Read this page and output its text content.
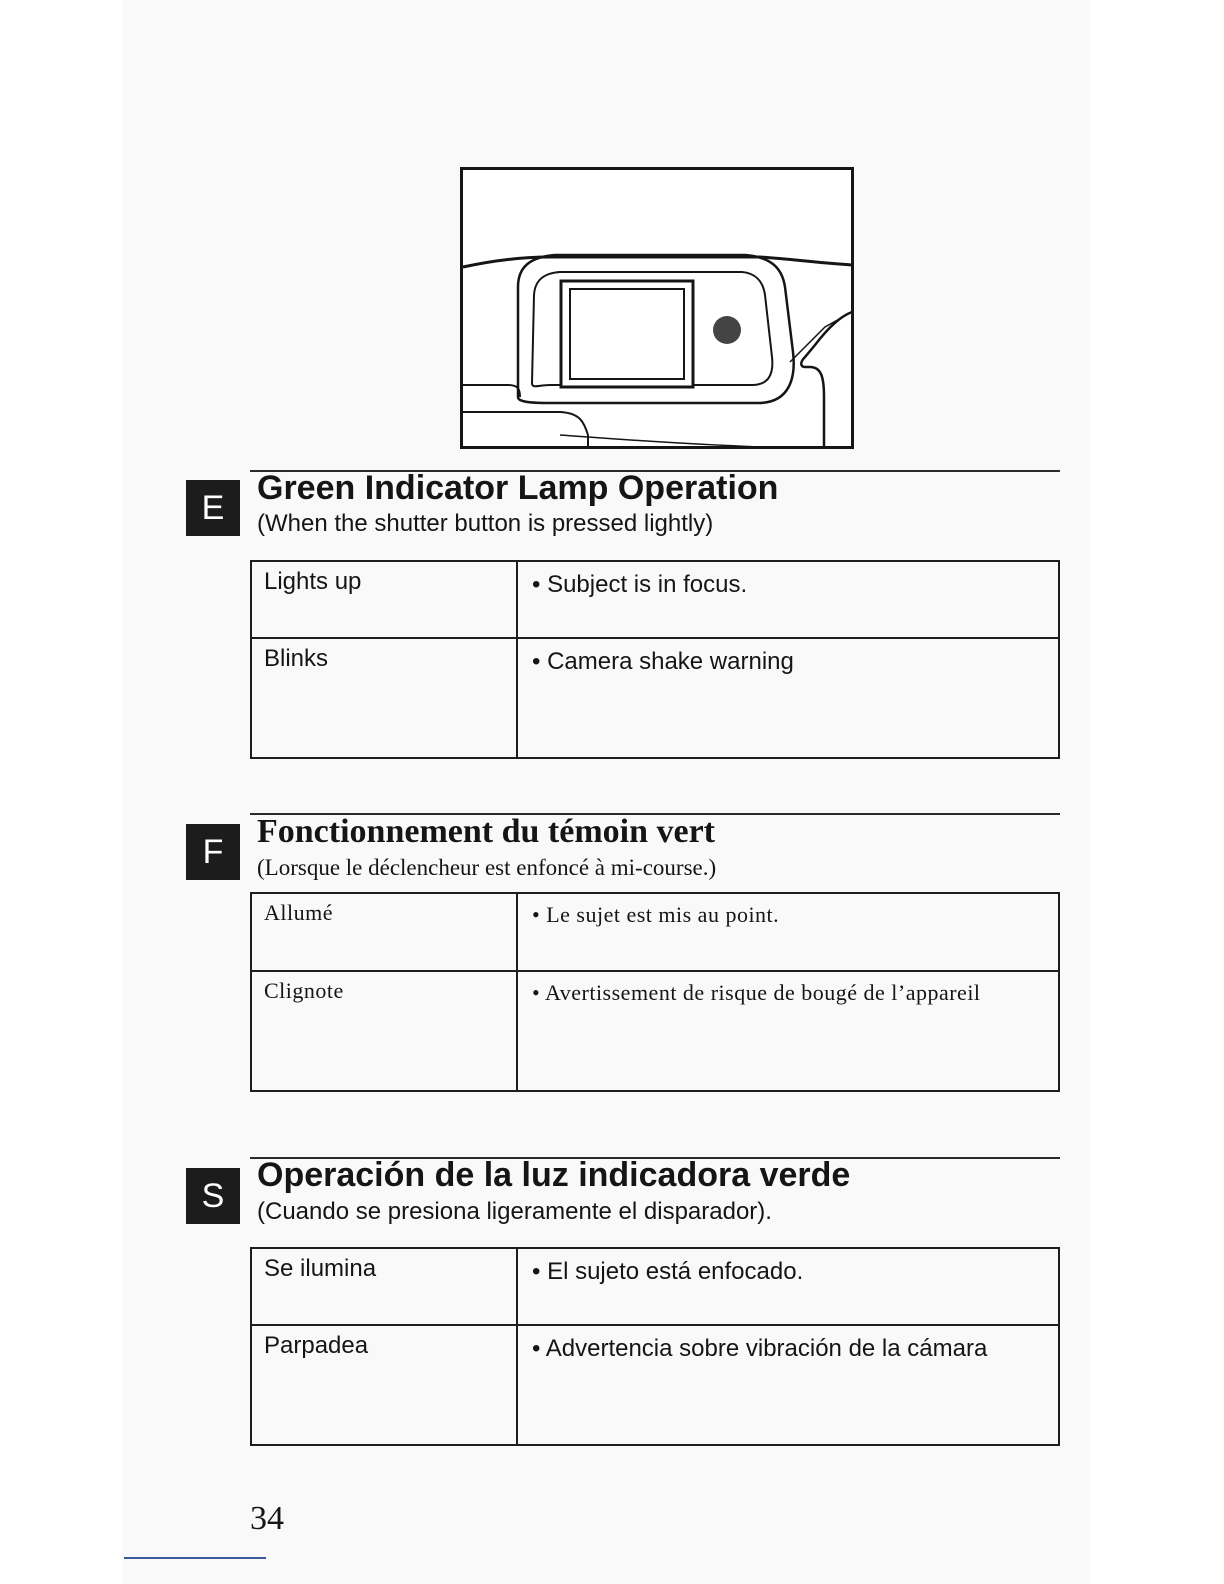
E
Green Indicator Lamp Operation
(When the shutter button is pressed lightly)
Lights up	• Subject is in focus.
Blinks	• Camera shake warning
F
Fonctionnement du témoin vert
(Lorsque le déclencheur est enfoncé à mi-course.)
Allumé	• Le sujet est mis au point.
Clignote	• Avertissement de risque de bougé de l’appareil
S
Operación de la luz indicadora verde
(Cuando se presiona ligeramente el disparador).
Se ilumina	• El sujeto está enfocado.
Parpadea	• Advertencia sobre vibración de la cámara
34
